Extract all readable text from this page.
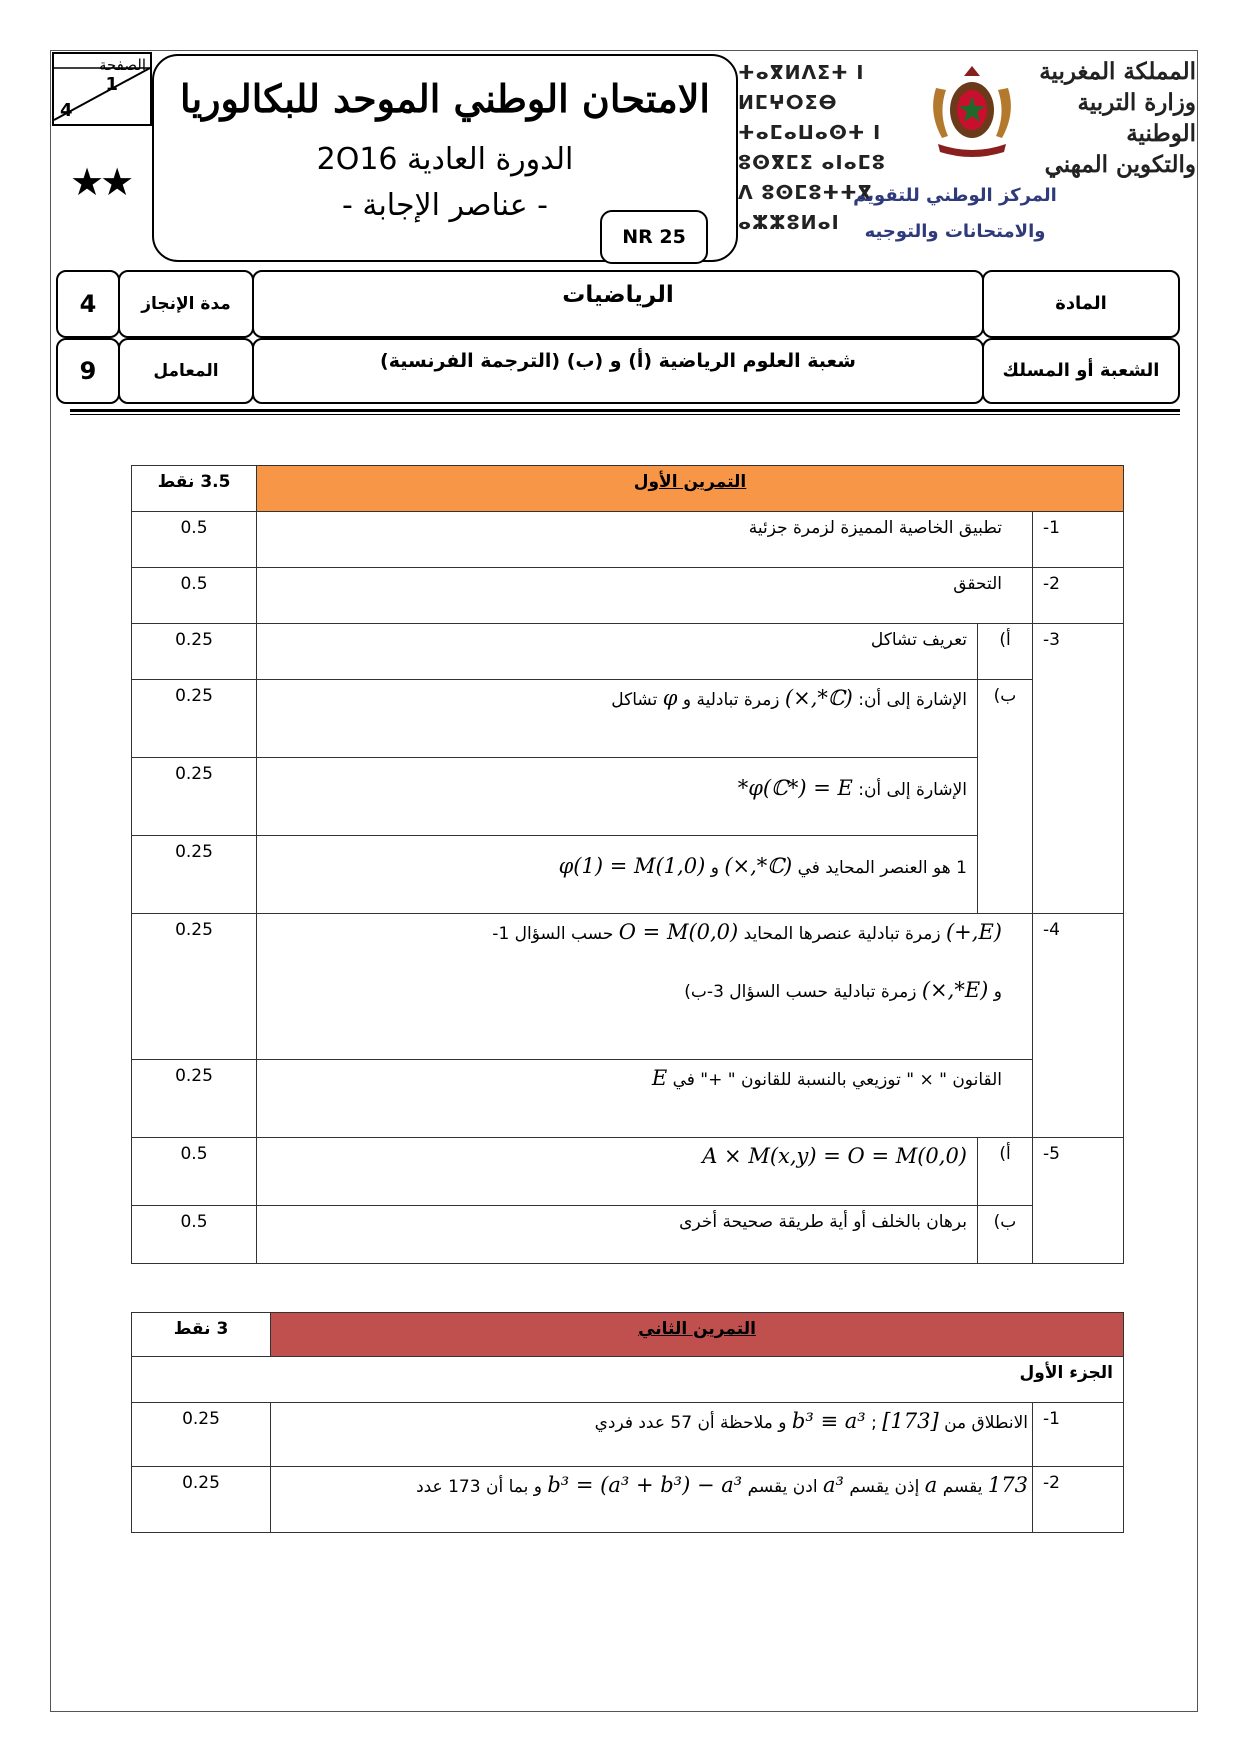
الصفحة
1
4
★★
الامتحان الوطني الموحد للبكالوريا
الدورة العادية 2O16
- عناصر الإجابة -
NR 25
ⵜⴰⴳⵍⴷⵉⵜ ⵏ ⵍⵎⵖⵔⵉⴱ
ⵜⴰⵎⴰⵡⴰⵙⵜ ⵏ ⵓⵙⴳⵎⵉ ⴰⵏⴰⵎⵓ
ⴷ ⵓⵙⵎⵓⵜⵜⴳ ⴰⵣⵣⵓⵍⴰⵏ
المملكة المغربية
وزارة التربية الوطنية
والتكوين المهني
المركز الوطني للتقويم
والامتحانات والتوجيه
4	مدة الإنجاز	الرياضيات	المادة
9	المعامل	شعبة العلوم الرياضية (أ) و (ب) (الترجمة الفرنسية)	الشعبة أو المسلك
التمرين الأول			3.5 نقط
1-	تطبيق الخاصية المميزة لزمرة جزئية		0.5
2-	التحقق		0.5
3-	أ)	تعريف تشاكل	0.25
	ب)	الإشارة إلى أن: (ℂ*,×) زمرة تبادلية و φ تشاكل	0.25

		الإشارة إلى أن: φ(ℂ*) = E*	0.25

		1 هو العنصر المحايد في (ℂ*,×) و φ(1) = M(1,0)	0.25
4-	(E,+) زمرة تبادلية عنصرها المحايد O = M(0,0) حسب السؤال 1-
و (E*,×) زمرة تبادلية حسب السؤال 3-ب)		0.25
	القانون " × " توزيعي بالنسبة للقانون " +" في E		0.25
5-	أ)	A × M(x,y) = O = M(0,0)	0.5
	ب)	برهان بالخلف أو أية طريقة صحيحة أخرى	0.5
التمرين الثاني		3 نقط
الجزء الأول		
1-	الانطلاق من [173] ; b³ ≡ a³ و ملاحظة أن 57 عدد فردي	0.25
2-	173 يقسم a إذن يقسم a³ ادن يقسم b³ = (a³ + b³) − a³ و بما أن 173 عدد	0.25
